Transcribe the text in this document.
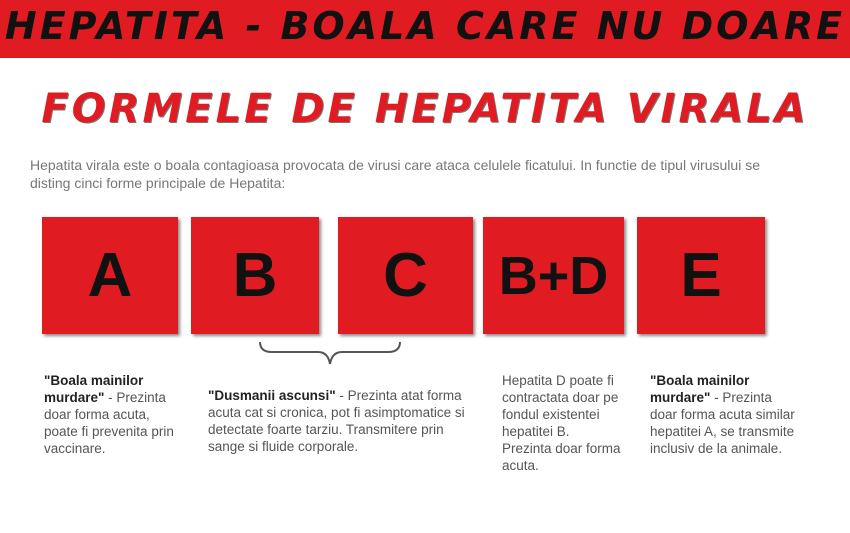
HEPATITA - BOALA CARE NU DOARE
FORMELE DE HEPATITA VIRALA
Hepatita virala este o boala contagioasa provocata de virusi care ataca celulele ficatului. In functie de tipul virusului se disting cinci forme principale de Hepatita:
A	B	C	B+D	E
"Boala mainilor murdare" - Prezinta doar forma acuta, poate fi prevenita prin vaccinare.
"Dusmanii ascunsi" - Prezinta atat forma acuta cat si cronica, pot fi asimptomatice si detectate foarte tarziu. Transmitere prin sange si fluide corporale.
Hepatita D poate fi contractata doar pe fondul existentei hepatitei B. Prezinta doar forma acuta.
"Boala mainilor murdare" - Prezinta doar forma acuta similar hepatitei A, se transmite inclusiv de la animale.
